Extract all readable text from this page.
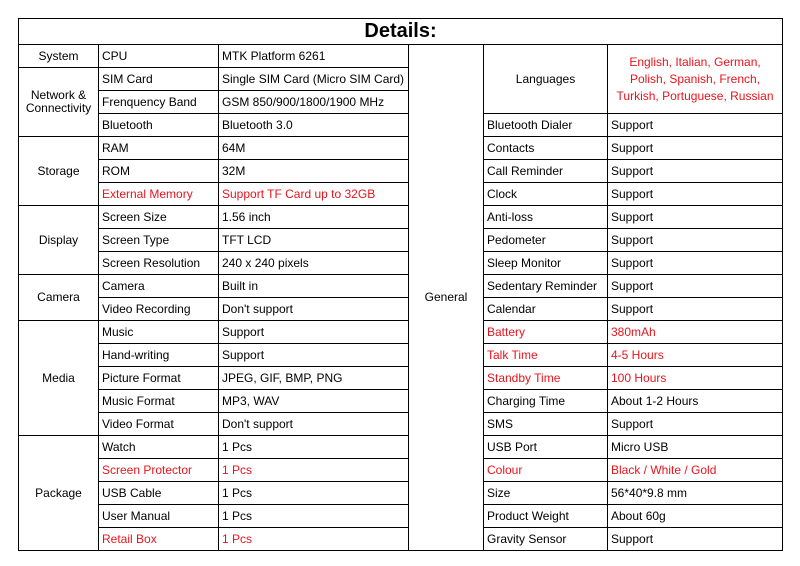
Details:					
System	CPU	MTK Platform 6261	General	Languages	English, Italian, German, Polish, Spanish, French, Turkish, Portuguese, Russian
Network & Connectivity	SIM Card	Single SIM Card (Micro SIM Card)			
	Frenquency Band	GSM 850/900/1800/1900 MHz			
	Bluetooth	Bluetooth 3.0		Bluetooth Dialer	Support
Storage	RAM	64M		Contacts	Support
	ROM	32M		Call Reminder	Support
	External Memory	Support TF Card up to 32GB		Clock	Support
Display	Screen Size	1.56 inch		Anti-loss	Support
	Screen Type	TFT LCD		Pedometer	Support
	Screen Resolution	240 x 240 pixels		Sleep Monitor	Support
Camera	Camera	Built in		Sedentary Reminder	Support
	Video Recording	Don't support		Calendar	Support
Media	Music	Support		Battery	380mAh
	Hand-writing	Support		Talk Time	4-5 Hours
	Picture Format	JPEG, GIF, BMP, PNG		Standby Time	100 Hours
	Music Format	MP3, WAV		Charging Time	About 1-2 Hours
	Video Format	Don't support		SMS	Support
Package	Watch	1 Pcs		USB Port	Micro USB
	Screen Protector	1 Pcs		Colour	Black / White / Gold
	USB Cable	1 Pcs		Size	56*40*9.8 mm
	User Manual	1 Pcs		Product Weight	About 60g
	Retail Box	1 Pcs		Gravity Sensor	Support
